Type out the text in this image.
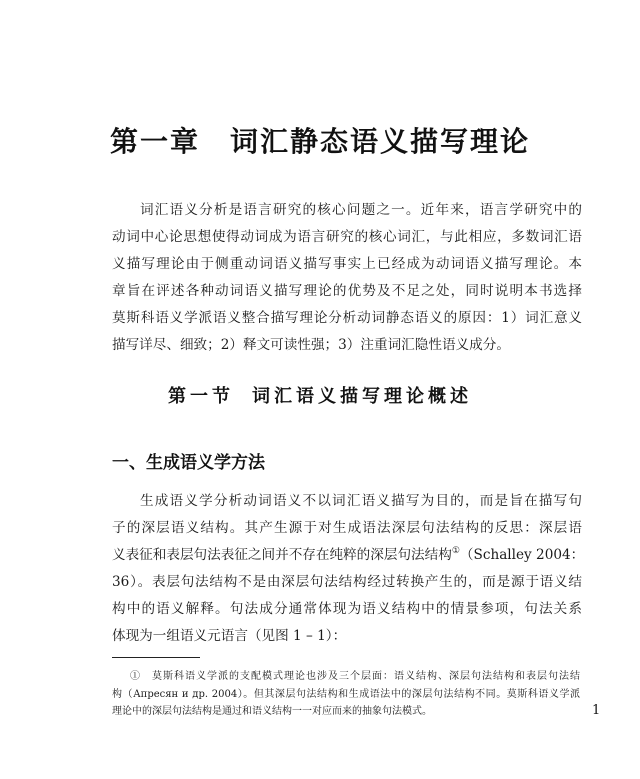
第一章 词汇静态语义描写理论
词汇语义分析是语言研究的核心问题之一。近年来，语言学研究中的
动词中心论思想使得动词成为语言研究的核心词汇，与此相应，多数词汇语
义描写理论由于侧重动词语义描写事实上已经成为动词语义描写理论。本
章旨在评述各种动词语义描写理论的优势及不足之处，同时说明本书选择
莫斯科语义学派语义整合描写理论分析动词静态语义的原因：1）词汇意义
描写详尽、细致；2）释文可读性强；3）注重词汇隐性语义成分。
第一节 词汇语义描写理论概述
一、生成语义学方法
生成语义学分析动词语义不以词汇语义描写为目的，而是旨在描写句
子的深层语义结构。其产生源于对生成语法深层句法结构的反思：深层语
义表征和表层句法表征之间并不存在纯粹的深层句法结构①（Schalley 2004：
36）。表层句法结构不是由深层句法结构经过转换产生的，而是源于语义结
构中的语义解释。句法成分通常体现为语义结构中的情景参项，句法关系
体现为一组语义元语言（见图 1 – 1）：
①　莫斯科语义学派的支配模式理论也涉及三个层面：语义结构、深层句法结构和表层句法结
构（Апресян и др. 2004）。但其深层句法结构和生成语法中的深层句法结构不同。莫斯科语义学派
理论中的深层句法结构是通过和语义结构一一对应而来的抽象句法模式。	1
